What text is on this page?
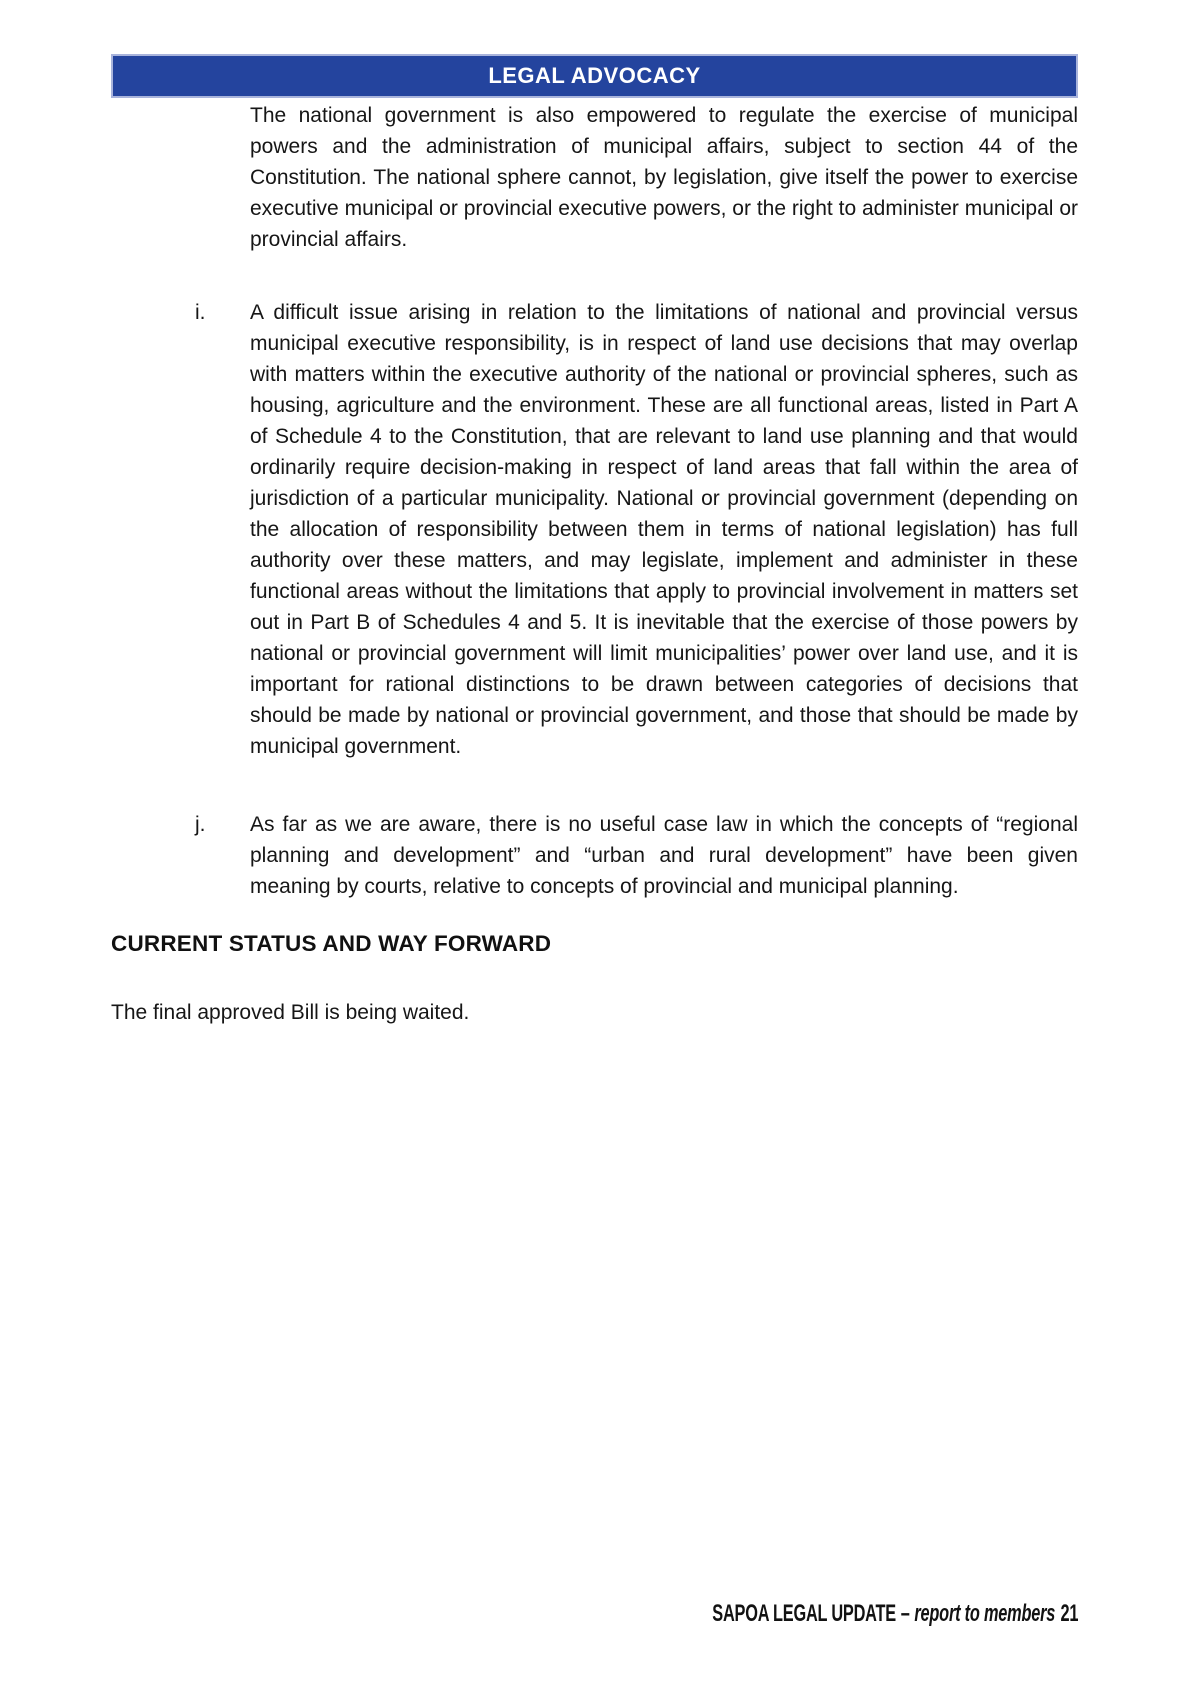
LEGAL ADVOCACY

The national government is also empowered to regulate the exercise of municipal powers and the administration of municipal affairs, subject to section 44 of the Constitution. The national sphere cannot, by legislation, give itself the power to exercise executive municipal or provincial executive powers, or the right to administer municipal or provincial affairs.

i. A difficult issue arising in relation to the limitations of national and provincial versus municipal executive responsibility, is in respect of land use decisions that may overlap with matters within the executive authority of the national or provincial spheres, such as housing, agriculture and the environment. These are all functional areas, listed in Part A of Schedule 4 to the Constitution, that are relevant to land use planning and that would ordinarily require decision-making in respect of land areas that fall within the area of jurisdiction of a particular municipality. National or provincial government (depending on the allocation of responsibility between them in terms of national legislation) has full authority over these matters, and may legislate, implement and administer in these functional areas without the limitations that apply to provincial involvement in matters set out in Part B of Schedules 4 and 5. It is inevitable that the exercise of those powers by national or provincial government will limit municipalities’ power over land use, and it is important for rational distinctions to be drawn between categories of decisions that should be made by national or provincial government, and those that should be made by municipal government.

j. As far as we are aware, there is no useful case law in which the concepts of “regional planning and development” and “urban and rural development” have been given meaning by courts, relative to concepts of provincial and municipal planning.

CURRENT STATUS AND WAY FORWARD

The final approved Bill is being waited.

SAPOA LEGAL UPDATE – report to members 21
